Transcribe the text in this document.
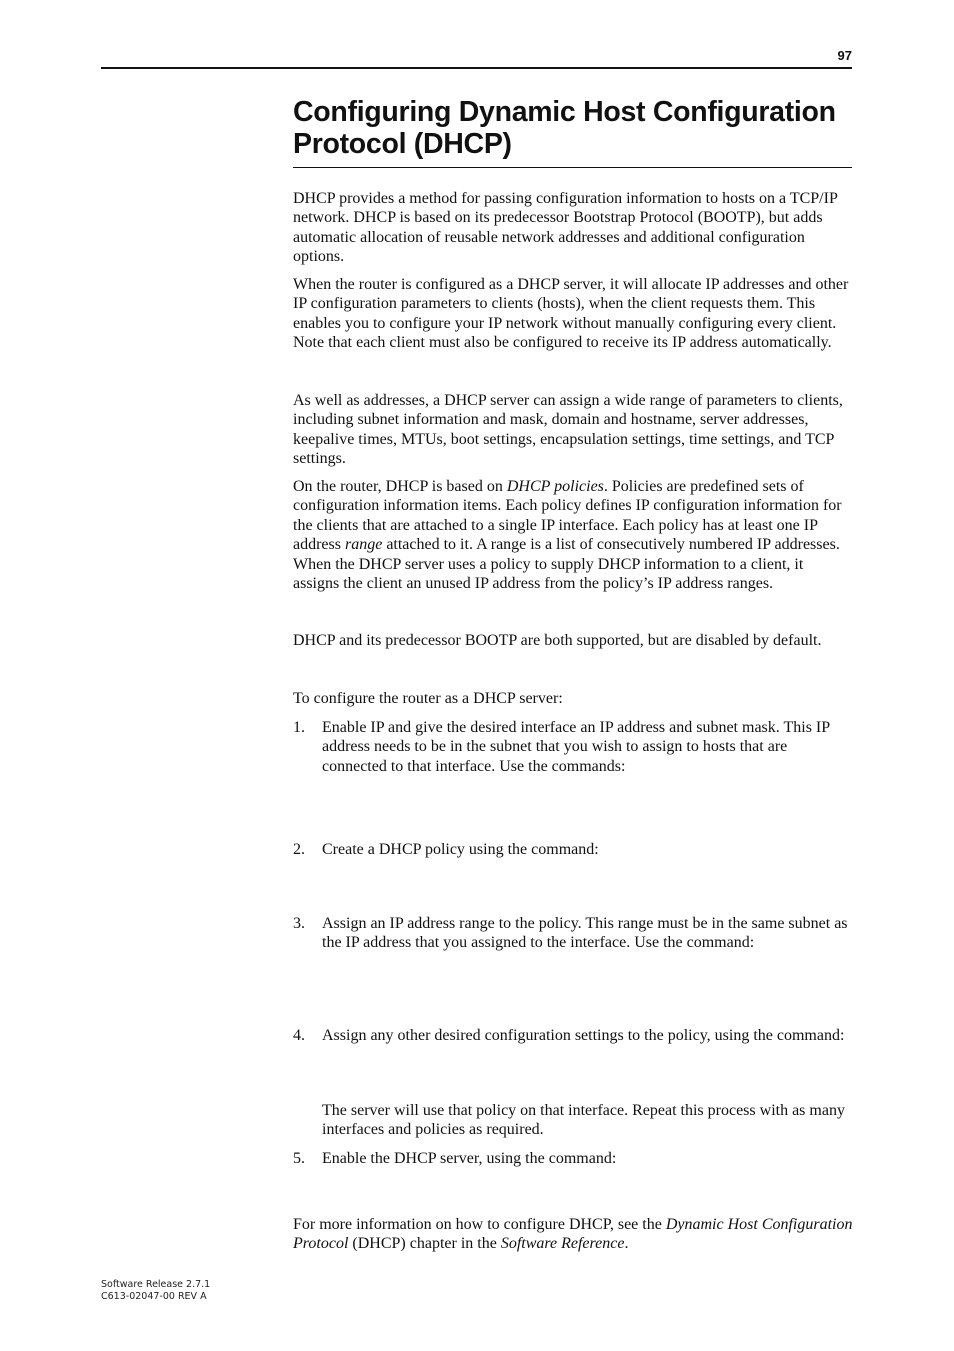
97
Configuring Dynamic Host Configuration Protocol (DHCP)

DHCP provides a method for passing configuration information to hosts on a TCP/IP network. DHCP is based on its predecessor Bootstrap Protocol (BOOTP), but adds automatic allocation of reusable network addresses and additional configuration options.

When the router is configured as a DHCP server, it will allocate IP addresses and other IP configuration parameters to clients (hosts), when the client requests them. This enables you to configure your IP network without manually configuring every client. Note that each client must also be configured to receive its IP address automatically.

As well as addresses, a DHCP server can assign a wide range of parameters to clients, including subnet information and mask, domain and hostname, server addresses, keepalive times, MTUs, boot settings, encapsulation settings, time settings, and TCP settings.

On the router, DHCP is based on DHCP policies. Policies are predefined sets of configuration information items. Each policy defines IP configuration information for the clients that are attached to a single IP interface. Each policy has at least one IP address range attached to it. A range is a list of consecutively numbered IP addresses. When the DHCP server uses a policy to supply DHCP information to a client, it assigns the client an unused IP address from the policy’s IP address ranges.

DHCP and its predecessor BOOTP are both supported, but are disabled by default.

To configure the router as a DHCP server:

1. Enable IP and give the desired interface an IP address and subnet mask. This IP address needs to be in the subnet that you wish to assign to hosts that are connected to that interface. Use the commands:
2. Create a DHCP policy using the command:
3. Assign an IP address range to the policy. This range must be in the same subnet as the IP address that you assigned to the interface. Use the command:
4. Assign any other desired configuration settings to the policy, using the command:
The server will use that policy on that interface. Repeat this process with as many interfaces and policies as required.
5. Enable the DHCP server, using the command:

For more information on how to configure DHCP, see the Dynamic Host Configuration Protocol (DHCP) chapter in the Software Reference.

Software Release 2.7.1
C613-02047-00 REV A
